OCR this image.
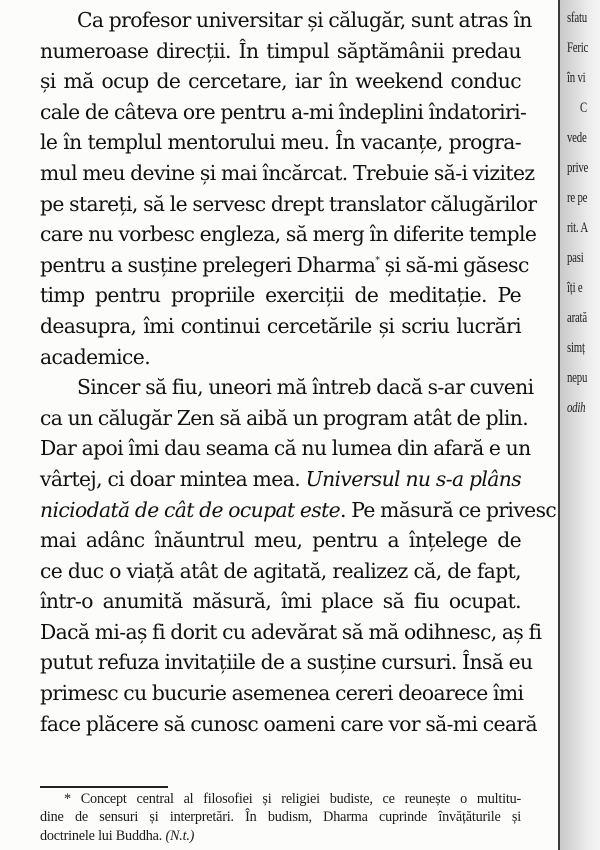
Ca profesor universitar și călugăr, sunt atras în
numeroase direcții. În timpul săptămânii predau
și mă ocup de cercetare, iar în weekend conduc
cale de câteva ore pentru a-mi îndeplini îndatoriri-
le în templul mentorului meu. În vacanțe, progra-
mul meu devine și mai încărcat. Trebuie să-i vizitez
pe stareți, să le servesc drept translator călugărilor
care nu vorbesc engleza, să merg în diferite temple
pentru a susține prelegeri Dharma* și să-mi găsesc
timp pentru propriile exerciții de meditație. Pe
deasupra, îmi continui cercetările și scriu lucrări
academice.
Sincer să fiu, uneori mă întreb dacă s-ar cuveni
ca un călugăr Zen să aibă un program atât de plin.
Dar apoi îmi dau seama că nu lumea din afară e un
vârtej, ci doar mintea mea. Universul nu s-a plâns
niciodată de cât de ocupat este. Pe măsură ce privesc
mai adânc înăuntrul meu, pentru a înțelege de
ce duc o viață atât de agitată, realizez că, de fapt,
într-o anumită măsură, îmi place să fiu ocupat.
Dacă mi-aș fi dorit cu adevărat să mă odihnesc, aș fi
putut refuza invitațiile de a susține cursuri. Însă eu
primesc cu bucurie asemenea cereri deoarece îmi
face plăcere să cunosc oameni care vor să-mi ceară
* Concept central al filosofiei și religiei budiste, ce reunește o multitu-
dine de sensuri și interpretări. În budism, Dharma cuprinde învățăturile și
doctrinele lui Buddha. (N.t.)
sfatu
Feric
în vi
C
vede
prive
re pe
rit. A
pasi
îți e
arată
simț
nepu
odih
